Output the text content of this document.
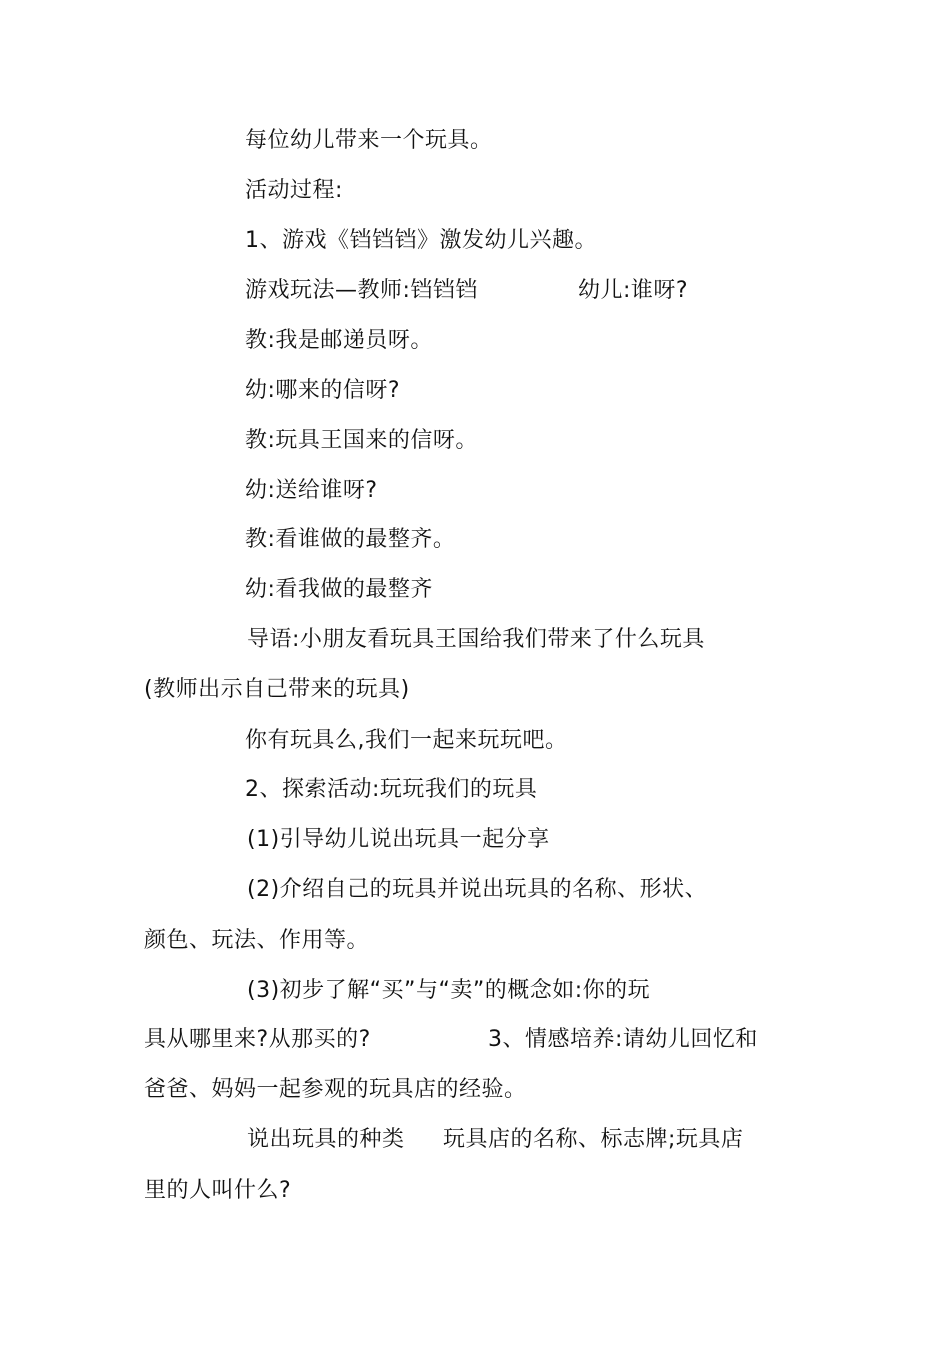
每位幼儿带来一个玩具。
活动过程:
1、游戏《铛铛铛》激发幼儿兴趣。

游戏玩法—教师:铛铛铛

	幼儿:谁呀?

教:我是邮递员呀。
幼:哪来的信呀?
教:玩具王国来的信呀。
幼:送给谁呀?
教:看谁做的最整齐。
幼:看我做的最整齐
导语:小朋友看玩具王国给我们带来了什么玩具
(教师出示自己带来的玩具)
你有玩具么,我们一起来玩玩吧。
2、探索活动:玩玩我们的玩具
(1)引导幼儿说出玩具一起分享
(2)介绍自己的玩具并说出玩具的名称、形状、
颜色、玩法、作用等。
(3)初步了解“买”与“卖”的概念如:你的玩

具从哪里来?从那买的?

	3、情感培养:请幼儿回忆和

爸爸、妈妈一起参观的玩具店的经验。

说出玩具的种类

玩具店的名称、标志牌;玩具店

里的人叫什么?
